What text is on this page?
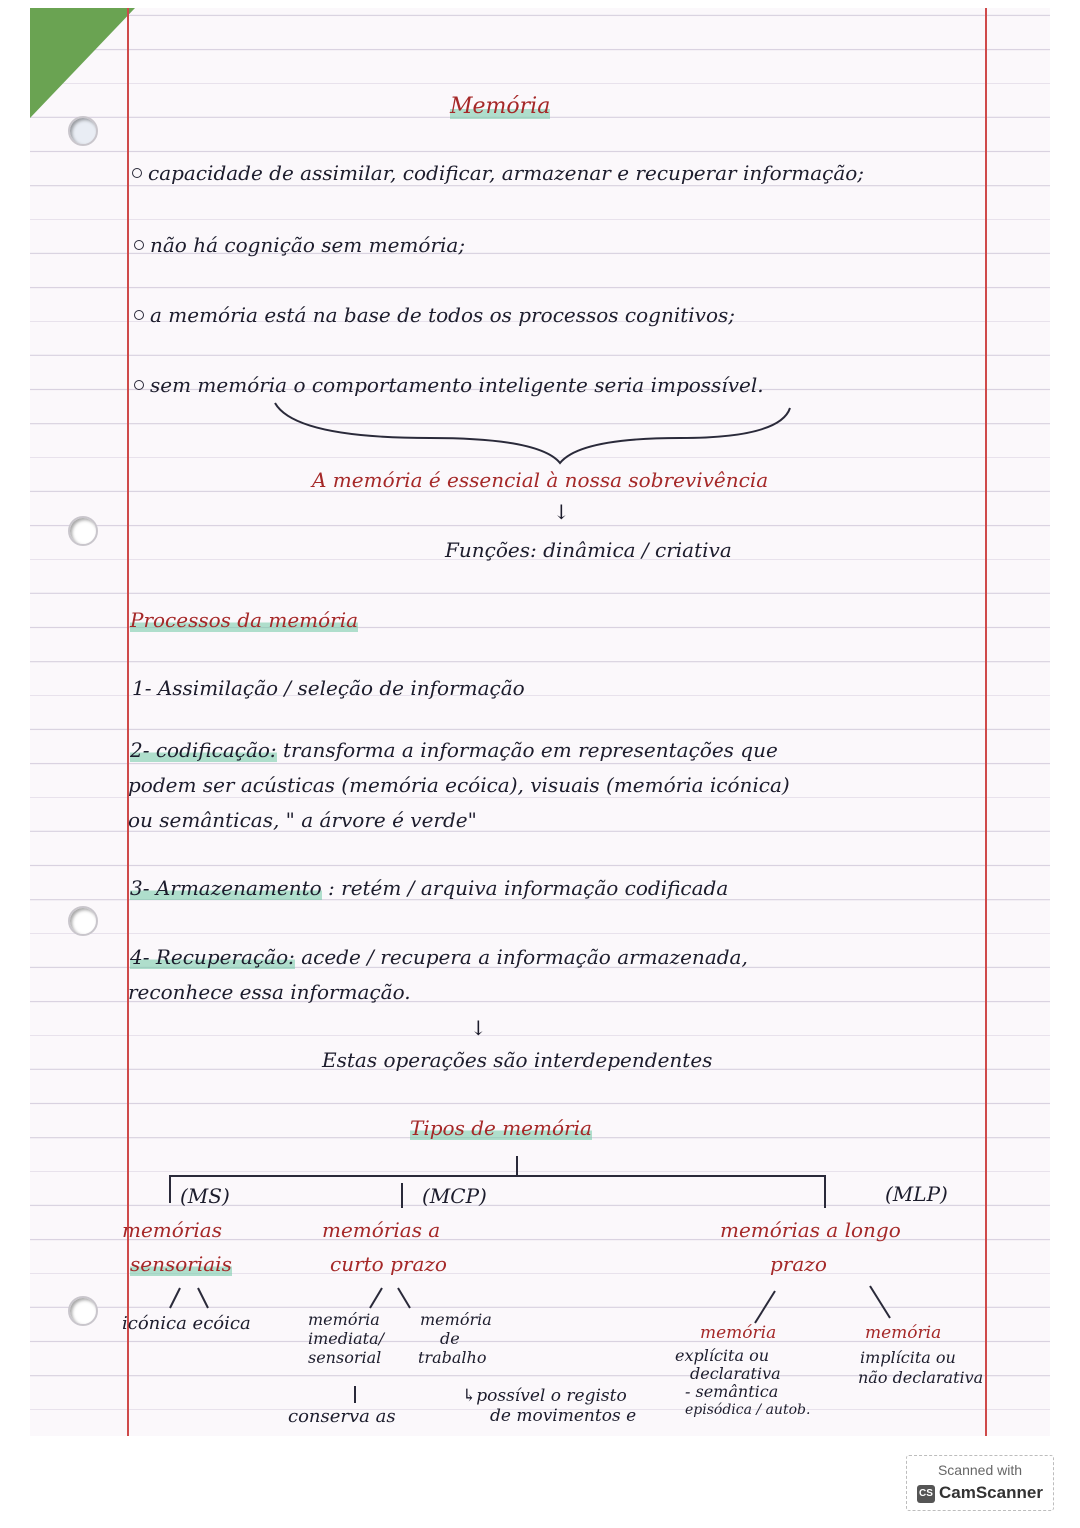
Memória
capacidade de assimilar, codificar, armazenar e recuperar informação;
não há cognição sem memória;
a memória está na base de todos os processos cognitivos;
sem memória o comportamento inteligente seria impossível.
A memória é essencial à nossa sobrevivência
↓
Funções: dinâmica / criativa
Processos da memória
1- Assimilação / seleção de informação
2- codificação: transforma a informação em representações que
podem ser acústicas (memória ecóica), visuais (memória icónica)
ou semânticas, " a árvore é verde"
3- Armazenamento : retém / arquiva informação codificada
4- Recuperação: acede / recupera a informação armazenada,
reconhece essa informação.
↓
Estas operações são interdependentes
Tipos de memória
(MS)	(MCP)	(MLP)
memórias
sensoriais
icónica ecóica
memórias a
curto prazo
memória
imediata/
sensorial
memória
de
trabalho
conserva as
memórias a longo
prazo
memória
explícita ou
declarativa
- semântica
episódica / autob.
memória
implícita ou
não declarativa
↳possível o registo
de movimentos e
Scanned with
CS CamScanner
